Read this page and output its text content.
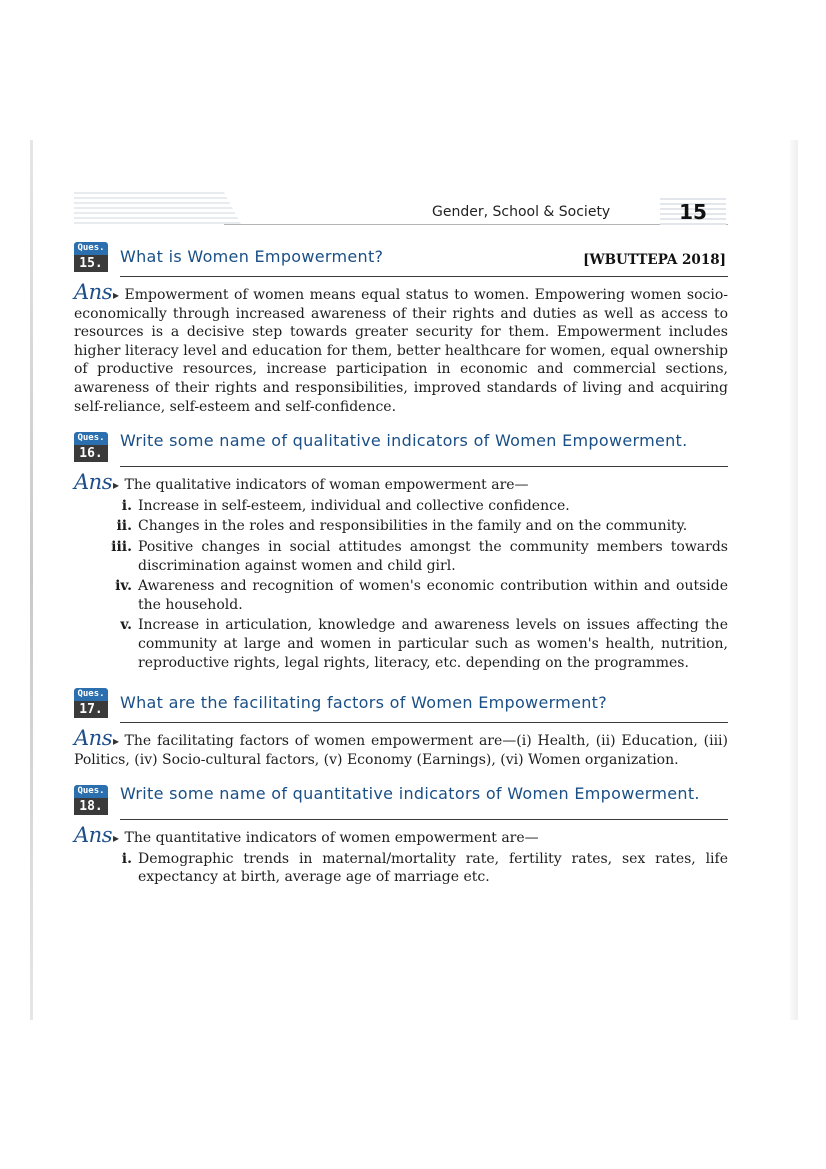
Gender, School & Society	15
Ques.
15.	What is Women Empowerment?	[WBUTTEPA 2018]

Ans ▸ Empowerment of women means equal status to women. Empowering women socio-economically through increased awareness of their rights and duties as well as access to resources is a decisive step towards greater security for them. Empowerment includes higher literacy level and education for them, better healthcare for women, equal ownership of productive resources, increase participation in economic and commercial sections, awareness of their rights and responsibilities, improved standards of living and acquiring self-reliance, self-esteem and self-confidence.

Ques.
16.
Write some name of qualitative indicators of Women Empowerment.

Ans ▸ The qualitative indicators of woman empowerment are—

i. Increase in self-esteem, individual and collective confidence.
ii. Changes in the roles and responsibilities in the family and on the community.
iii. Positive changes in social attitudes amongst the community members towards discrimination against women and child girl.
iv. Awareness and recognition of women's economic contribution within and outside the household.
v. Increase in articulation, knowledge and awareness levels on issues affecting the community at large and women in particular such as women's health, nutrition, reproductive rights, legal rights, literacy, etc. depending on the programmes.
Ques.
17.	What are the facilitating factors of Women Empowerment?

Ans ▸ The facilitating factors of women empowerment are—(i) Health, (ii) Education, (iii) Politics, (iv) Socio-cultural factors, (v) Economy (Earnings), (vi) Women organization.

Ques.
18.
Write some name of quantitative indicators of Women Empowerment.

Ans ▸ The quantitative indicators of women empowerment are—

i. Demographic trends in maternal/mortality rate, fertility rates, sex rates, life expectancy at birth, average age of marriage etc.
